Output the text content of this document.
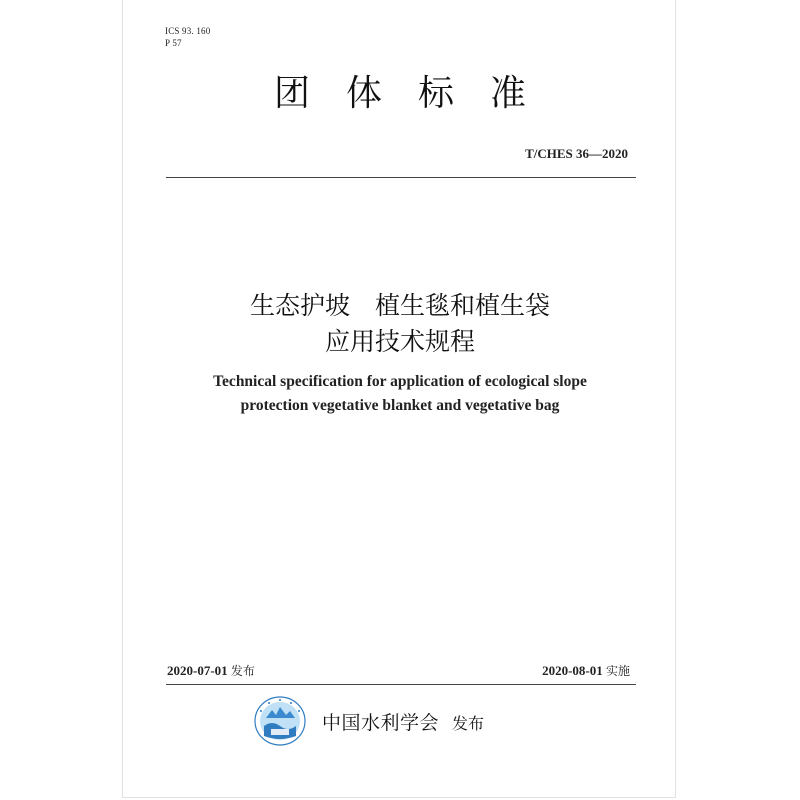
ICS 93. 160
P 57
团体标准
T/CHES 36—2020
生态护坡　植生毯和植生袋
应用技术规程
Technical specification for application of ecological slope
protection vegetative blanket and vegetative bag
2020-07-01 发布	2020-08-01 实施
中国水利学会 发布
